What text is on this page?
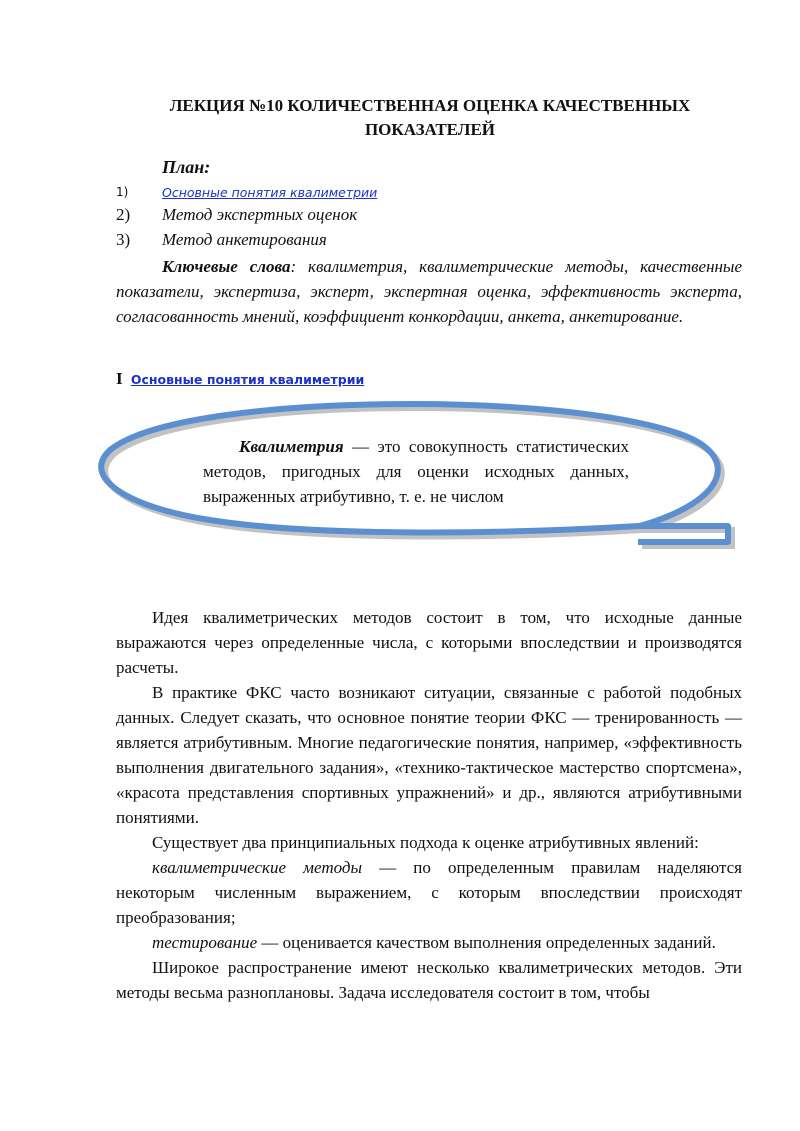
ЛЕКЦИЯ №10 КОЛИЧЕСТВЕННАЯ ОЦЕНКА КАЧЕСТВЕННЫХ
ПОКАЗАТЕЛЕЙ
План:
1)	Основные понятия квалиметрии
2) Метод экспертных оценок
3) Метод анкетирования
Ключевые слова: квалиметрия, квалиметрические методы, качественные показатели, экспертиза, эксперт, экспертная оценка, эффективность эксперта, согласованность мнений, коэффициент конкордации, анкета, анкетирование.
I Основные понятия квалиметрии
Квалиметрия — это совокупность статистических методов, пригодных для оценки исходных данных, выраженных атрибутивно, т. е. не числом

Идея квалиметрических методов состоит в том, что исходные данные выражаются через определенные числа, с которыми впоследствии и производятся расчеты.

В практике ФКС часто возникают ситуации, связанные с работой подобных данных. Следует сказать, что основное понятие теории ФКС — тренированность — является атрибутивным. Многие педагогические понятия, например, «эффективность выполнения двигательного задания», «технико-тактическое мастерство спортсмена», «красота представления спортивных упражнений» и др., являются атрибутивными понятиями.

Существует два принципиальных подхода к оценке атрибутивных явлений:

квалиметрические методы — по определенным правилам наделяются некоторым численным выражением, с которым впоследствии происходят преобразования;

тестирование — оценивается качеством выполнения определенных заданий.

Широкое распространение имеют несколько квалиметрических методов. Эти методы весьма разноплановы. Задача исследователя состоит в том, чтобы
